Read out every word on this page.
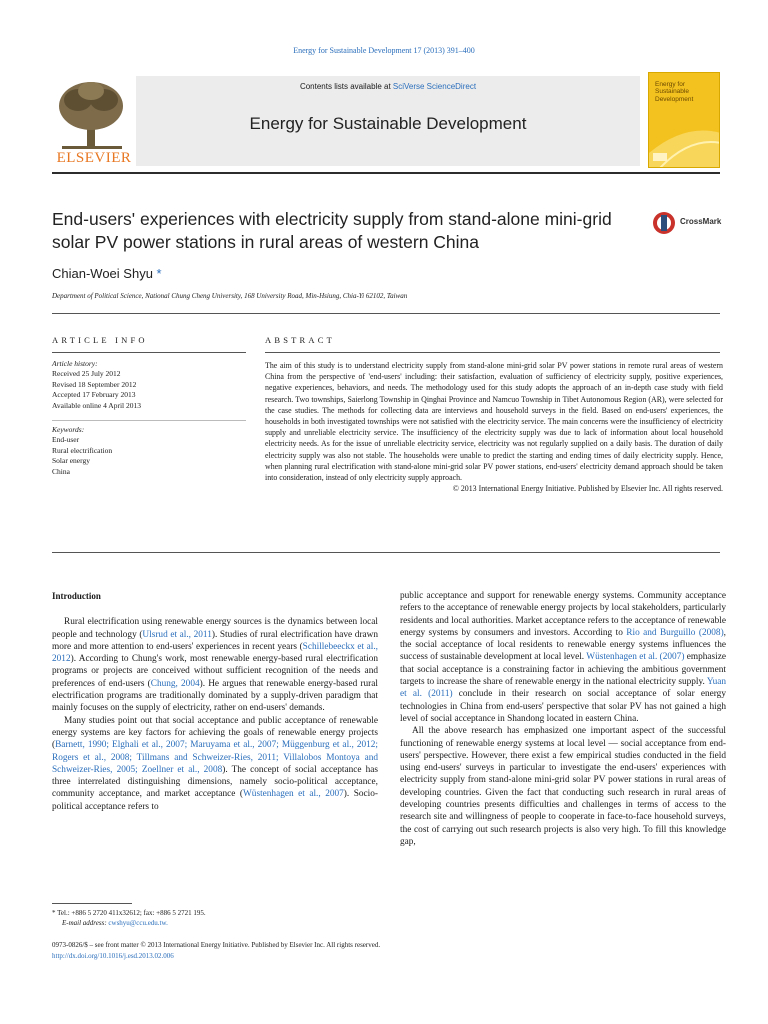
Energy for Sustainable Development 17 (2013) 391–400
ELSEVIER
Contents lists available at SciVerse ScienceDirect
Energy for Sustainable Development
Energy for Sustainable Development
End-users' experiences with electricity supply from stand-alone mini-grid solar PV power stations in rural areas of western China
CrossMark
Chian-Woei Shyu *
Department of Political Science, National Chung Cheng University, 168 University Road, Min-Hsiung, Chia-Yi 62102, Taiwan
ARTICLE INFO	ABSTRACT
Article history:
Received 25 July 2012
Revised 18 September 2012
Accepted 17 February 2013
Available online 4 April 2013
Keywords:
End-user
Rural electrification
Solar energy
China
The aim of this study is to understand electricity supply from stand-alone mini-grid solar PV power stations in remote rural areas of western China from the perspective of 'end-users' including: their satisfaction, evaluation of sufficiency of electricity supply, positive experiences, negative experiences, behaviors, and needs. The methodology used for this study adopts the approach of an in-depth case study with field research. Two townships, Saierlong Township in Qinghai Province and Namcuo Township in Tibet Autonomous Region (AR), were selected for the case studies. The methods for collecting data are interviews and household surveys in the field. Based on end-users' experiences, the households in both investigated townships were not satisfied with the electricity service. The main concerns were the insufficiency of electricity supply and unreliable electricity service. The insufficiency of the electricity supply was due to lack of information about local household electricity needs. As for the issue of unreliable electricity service, electricity was not regularly supplied on a daily basis. The duration of daily electricity supply was also not stable. The households were unable to predict the starting and ending times of daily electricity supply. Hence, when planning rural electrification with stand-alone mini-grid solar PV power stations, end-users' electricity demand approach should be taken into consideration, instead of only electricity supply approach.
© 2013 International Energy Initiative. Published by Elsevier Inc. All rights reserved.
Introduction

Rural electrification using renewable energy sources is the dynamics between local people and technology (Ulsrud et al., 2011). Studies of rural electrification have drawn more and more attention to end-users' experiences in recent years (Schillebeeckx et al., 2012). According to Chung's work, most renewable energy-based rural electrification programs or projects are conceived without sufficient recognition of the needs and preferences of end-users (Chung, 2004). He argues that renewable energy-based rural electrification programs are traditionally dominated by a supply-driven paradigm that mainly focuses on the supply of electricity, rather on end-users' demands.

Many studies point out that social acceptance and public acceptance of renewable energy systems are key factors for achieving the goals of renewable energy projects (Barnett, 1990; Elghali et al., 2007; Maruyama et al., 2007; Müggenburg et al., 2012; Rogers et al., 2008; Tillmans and Schweizer-Ries, 2011; Villalobos Montoya and Schweizer-Ries, 2005; Zoellner et al., 2008). The concept of social acceptance has three interrelated distinguishing dimensions, namely socio-political acceptance, community acceptance, and market acceptance (Wüstenhagen et al., 2007). Socio-political acceptance refers to

public acceptance and support for renewable energy systems. Community acceptance refers to the acceptance of renewable energy projects by local stakeholders, particularly residents and local authorities. Market acceptance refers to the acceptance of renewable energy systems by consumers and investors. According to Rio and Burguillo (2008), the social acceptance of local residents to renewable energy systems influences the success of sustainable development at local level. Wüstenhagen et al. (2007) emphasize that social acceptance is a constraining factor in achieving the ambitious government targets to increase the share of renewable energy in the national electricity supply. Yuan et al. (2011) conclude in their research on social acceptance of solar energy technologies in China from end-users' perspective that solar PV has not gained a high level of social acceptance in Shandong located in eastern China.

All the above research has emphasized one important aspect of the successful functioning of renewable energy systems at local level — social acceptance from end-users' perspective. However, there exist a few empirical studies conducted in the field using end-users' surveys in particular to investigate the end-users' experiences with electricity supply from stand-alone mini-grid solar PV power stations in rural areas of developing countries. Given the fact that conducting such research in rural areas of developing countries presents difficulties and challenges in terms of access to the research site and willingness of people to cooperate in face-to-face household surveys, the cost of carrying out such research projects is also very high. To fill this knowledge gap,

* Tel.: +886 5 2720 411x32612; fax: +886 5 2721 195.
E-mail address: cwshyu@ccu.edu.tw.
0973-0826/$ – see front matter © 2013 International Energy Initiative. Published by Elsevier Inc. All rights reserved.
http://dx.doi.org/10.1016/j.esd.2013.02.006
